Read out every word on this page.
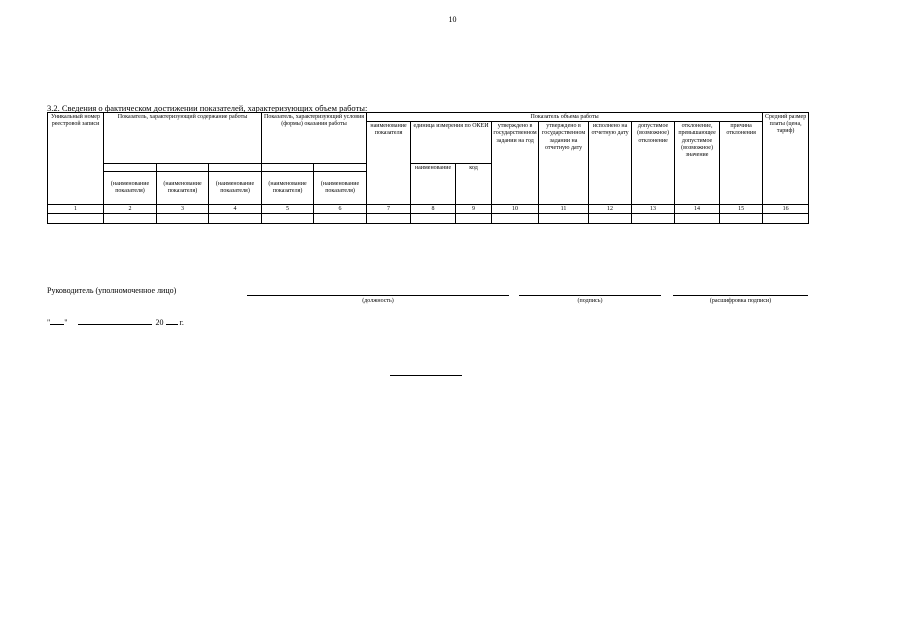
10
3.2. Сведения о фактическом достижении показателей, характеризующих объем работы:
Уникальный номер реестровой записи	Показатель, характеризующий содержание работы			Показатель, характеризующий условия (формы) оказания работы		Показатель объема работы									Средний размер платы (цена, тариф)
						наименование показателя	единица измерения по ОКЕИ		утверждено в государственном задании на год	утверждено в государственном задании на отчетную дату	исполнено на отчетную дату	допустимое (возможное) отклонение	отклонение, превышающее допустимое (возможное) значение	причина отклонения	
							наименование	код							
	(наименование показателя)	(наименование показателя)	(наименование показателя)	(наименование показателя)	(наименование показателя)										
1	2	3	4	5	6	7	8	9	10	11	12	13	14	15	16

Руководитель (уполномоченное лицо)
(должность)	(подпись)	(расшифровка подписи)
" "	20 г.
